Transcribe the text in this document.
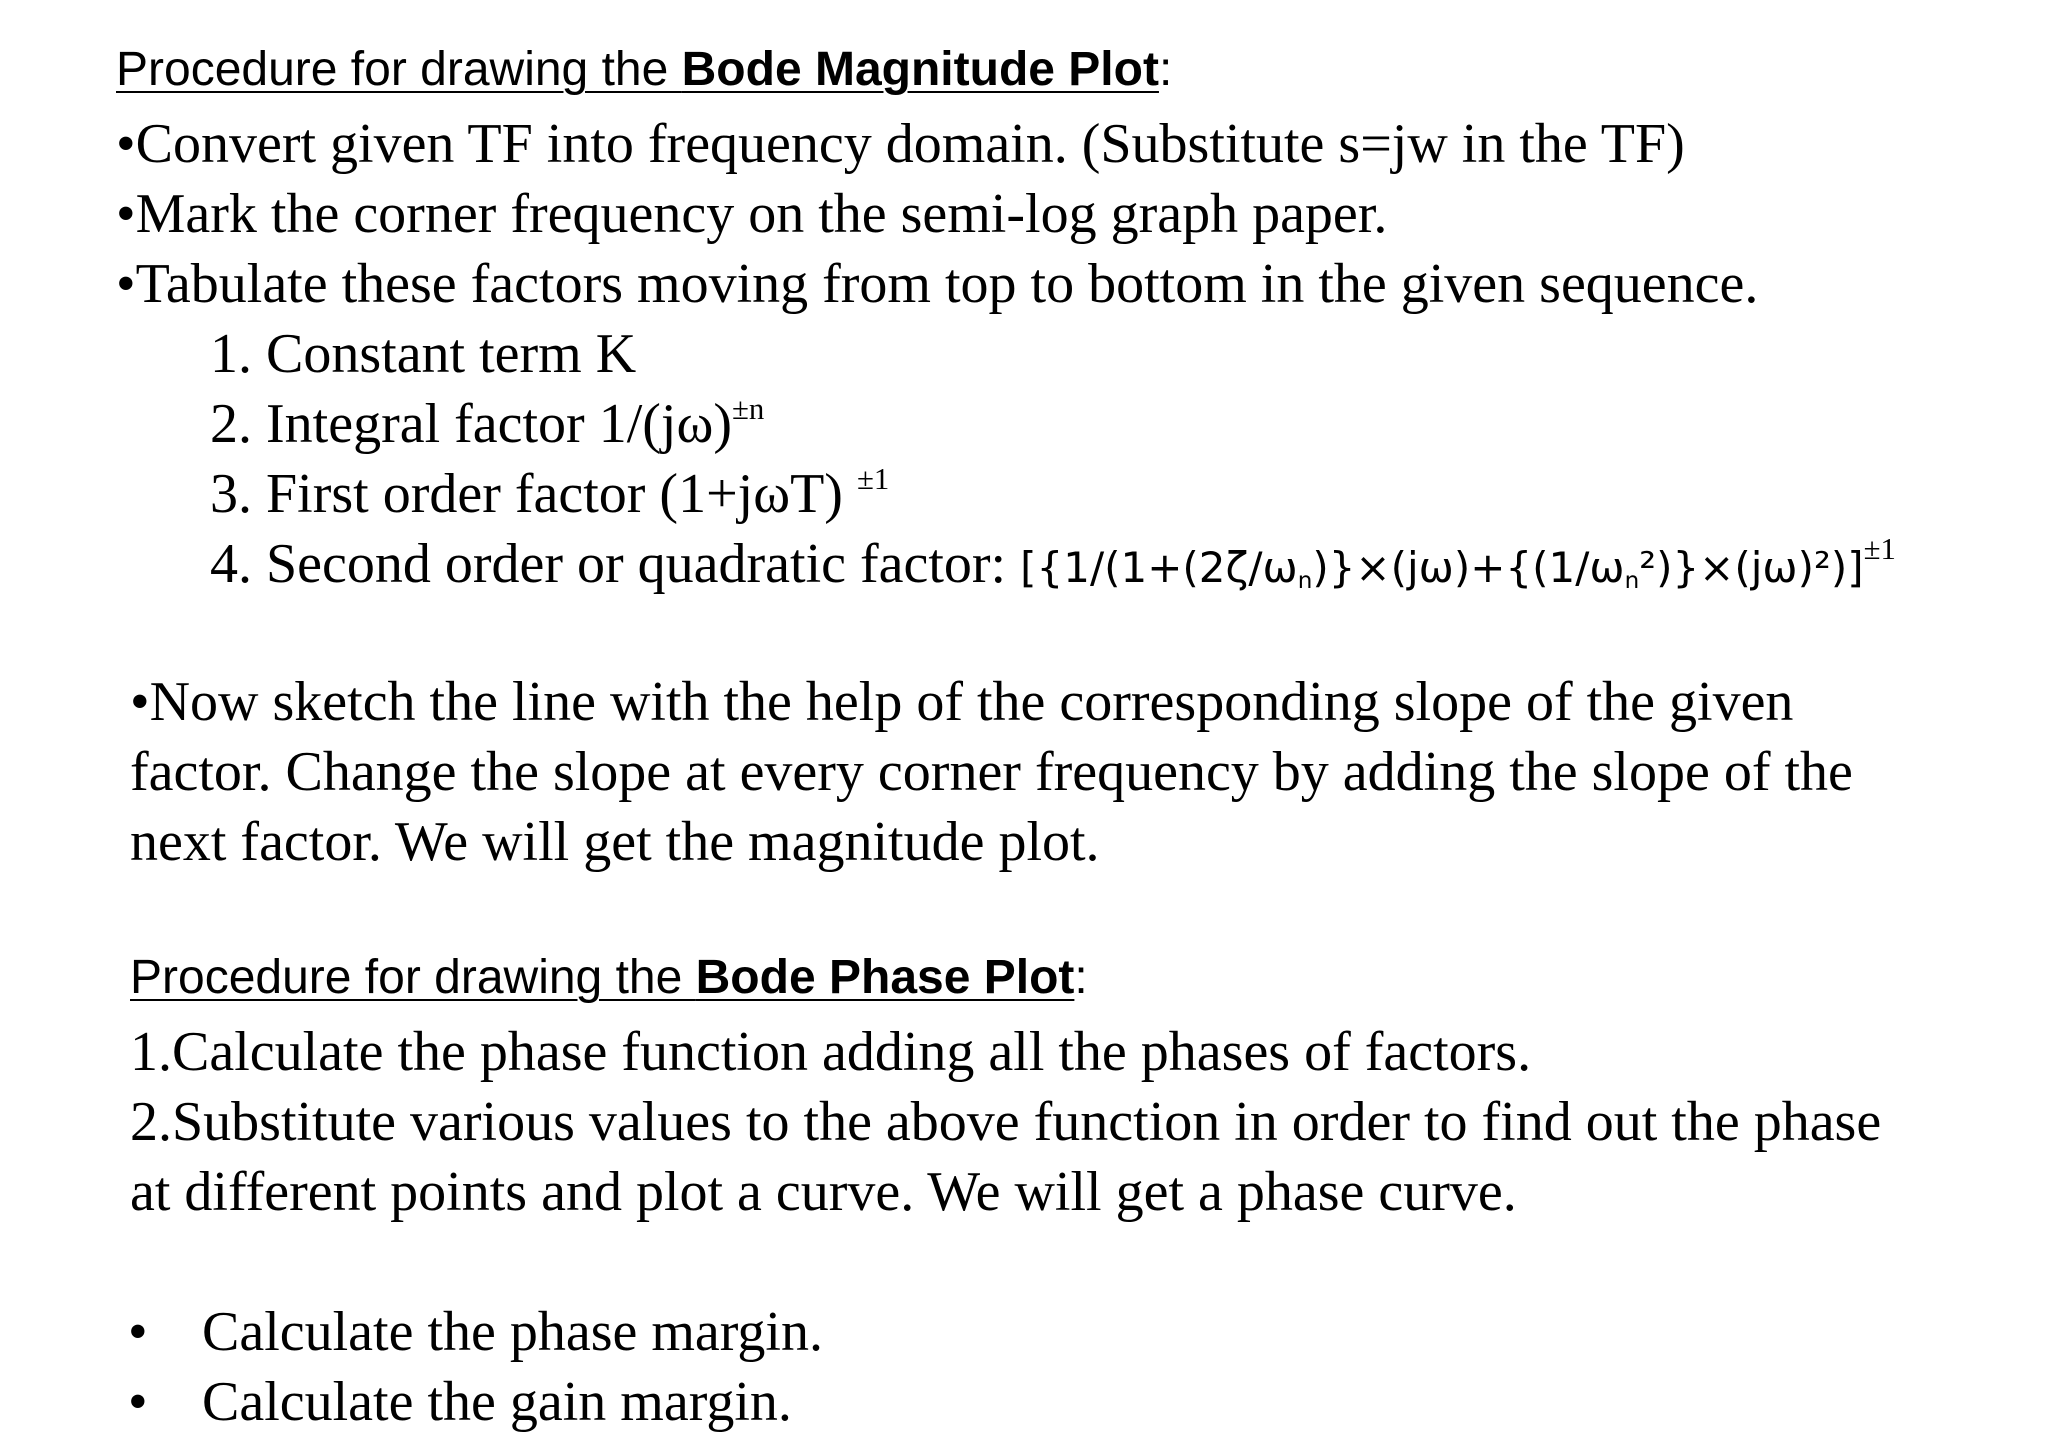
Procedure for drawing the Bode Magnitude Plot:
•Convert given TF into frequency domain. (Substitute s=jw in the TF)
•Mark the corner frequency on the semi-log graph paper.
•Tabulate these factors moving from top to bottom in the given sequence.
1. Constant term K
2. Integral factor $1/(j\omega)^{\pm n}$
3. First order factor (1+jωT) $^{\pm 1}$
4. Second order or quadratic factor: $[\{1/(1+(2\zeta/\omega_n)\}\times(j\omega)+\{(1/\omega_n^2)\}\times(j\omega)^2)]^{\pm 1}$
•Now sketch the line with the help of the corresponding slope of the given
factor. Change the slope at every corner frequency by adding the slope of the
next factor. We will get the magnitude plot.
Procedure for drawing the Bode Phase Plot:
1.Calculate the phase function adding all the phases of factors.
2.Substitute various values to the above function in order to find out the phase
at different points and plot a curve. We will get a phase curve.
• Calculate the phase margin.
• Calculate the gain margin.
